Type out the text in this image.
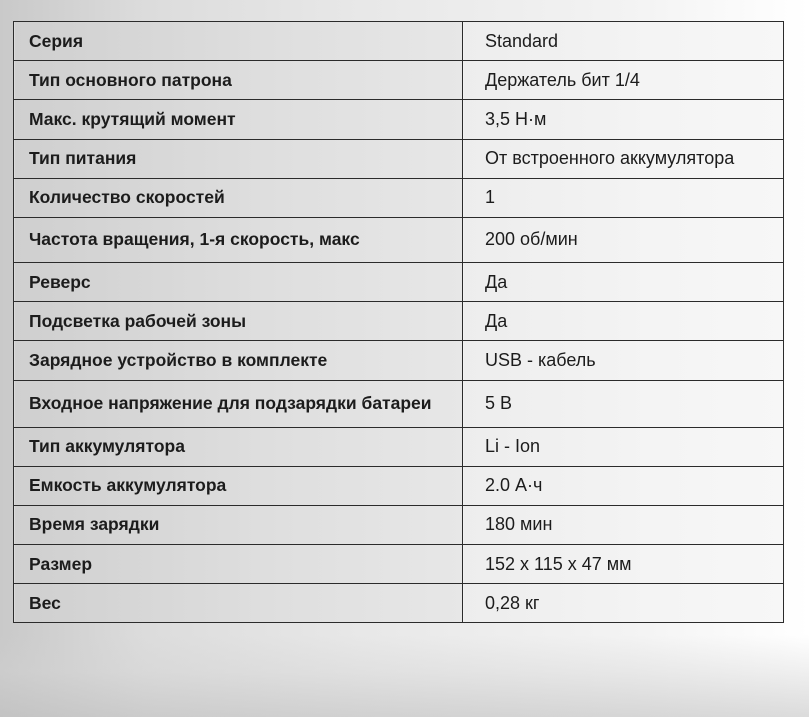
Серия	Standard
Тип основного патрона	Держатель бит 1/4
Макс. крутящий момент	3,5 Н·м
Тип питания	От встроенного аккумулятора
Количество скоростей	1
Частота вращения, 1-я скорость, макс	200 об/мин
Реверс	Да
Подсветка рабочей зоны	Да
Зарядное устройство в комплекте	USB - кабель
Входное напряжение для подзарядки батареи	5 В
Тип аккумулятора	Li - Ion
Емкость аккумулятора	2.0 А·ч
Время зарядки	180 мин
Размер	152 x 115 x 47 мм
Вес	0,28 кг
